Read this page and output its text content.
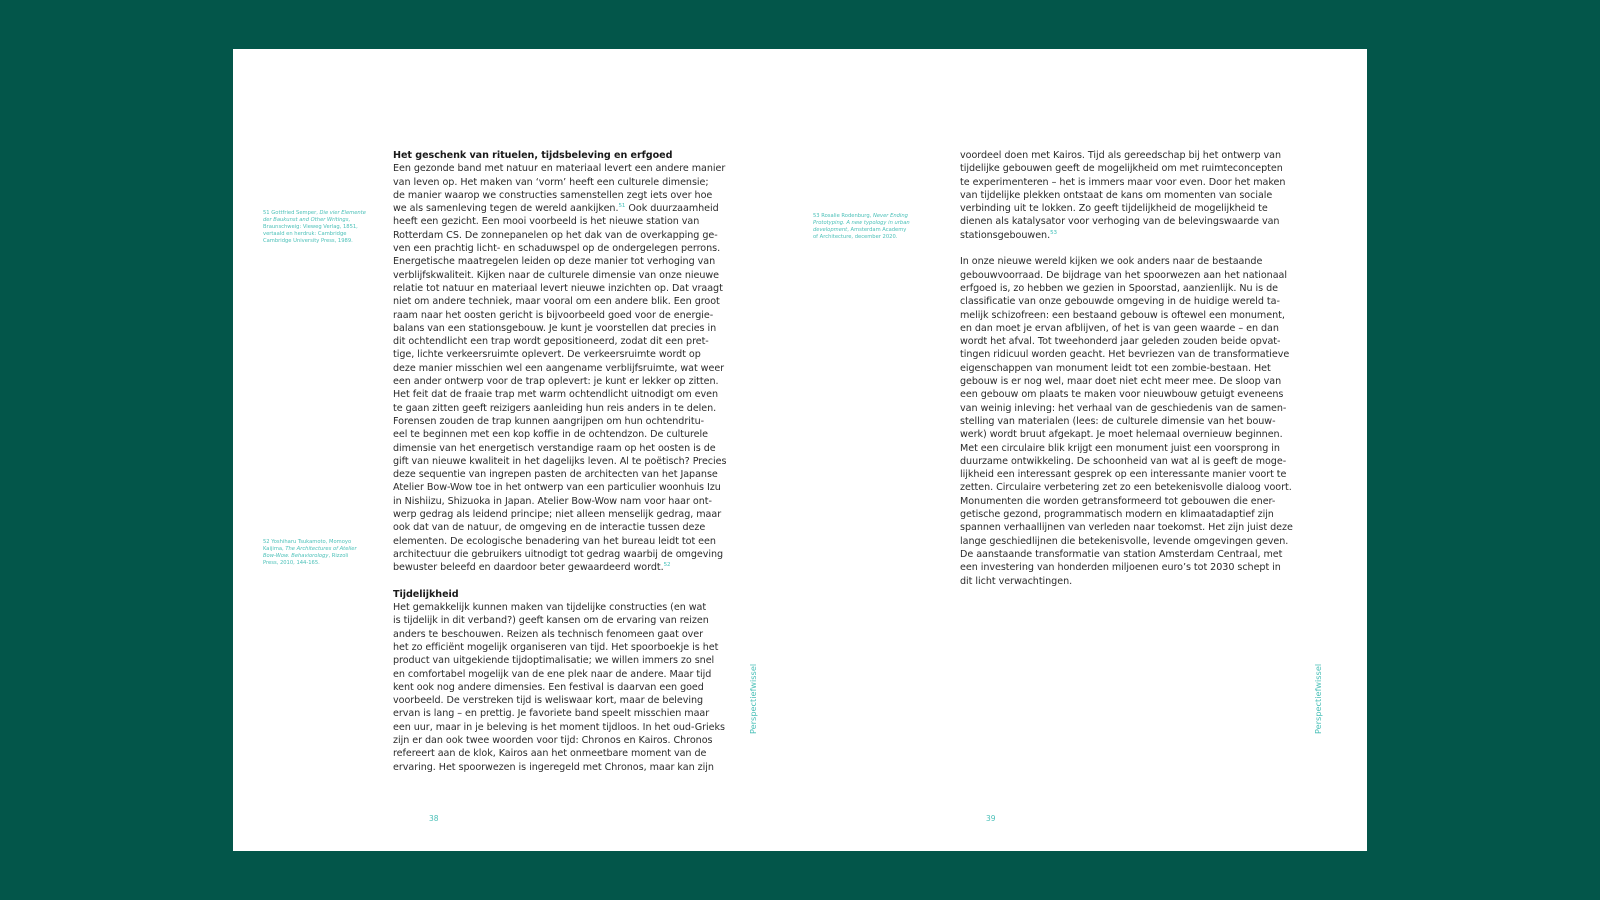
51 Gottfried Semper, Die vier Elemente
der Baukunst and Other Writings,
Braunschweig: Vieweg Verlag, 1851,
vertaald en herdruk: Cambridge
Cambridge University Press, 1989.

52 Yoshiharu Tsukamoto, Momoyo
Kaijima, The Architectures of Atelier
Bow-Wow. Behaviorology, Rizzoli
Press, 2010, 144-165.

Het geschenk van rituelen, tijdsbeleving en erfgoed

Een gezonde band met natuur en materiaal levert een andere manier
van leven op. Het maken van ‘vorm’ heeft een culturele dimensie;
de manier waarop we constructies samenstellen zegt iets over hoe
we als samenleving tegen de wereld aankijken.$^{51}$ Ook duurzaamheid
heeft een gezicht. Een mooi voorbeeld is het nieuwe station van
Rotterdam CS. De zonnepanelen op het dak van de overkapping ge-
ven een prachtig licht- en schaduwspel op de ondergelegen perrons.
Energetische maatregelen leiden op deze manier tot verhoging van
verblijfskwaliteit. Kijken naar de culturele dimensie van onze nieuwe
relatie tot natuur en materiaal levert nieuwe inzichten op. Dat vraagt
niet om andere techniek, maar vooral om een andere blik. Een groot
raam naar het oosten gericht is bijvoorbeeld goed voor de energie-
balans van een stationsgebouw. Je kunt je voorstellen dat precies in
dit ochtendlicht een trap wordt gepositioneerd, zodat dit een pret-
tige, lichte verkeersruimte oplevert. De verkeersruimte wordt op
deze manier misschien wel een aangename verblijfsruimte, wat weer
een ander ontwerp voor de trap oplevert: je kunt er lekker op zitten.
Het feit dat de fraaie trap met warm ochtendlicht uitnodigt om even
te gaan zitten geeft reizigers aanleiding hun reis anders in te delen.
Forensen zouden de trap kunnen aangrijpen om hun ochtendritu-
eel te beginnen met een kop koffie in de ochtendzon. De culturele
dimensie van het energetisch verstandige raam op het oosten is de
gift van nieuwe kwaliteit in het dagelijks leven. Al te poëtisch? Precies
deze sequentie van ingrepen pasten de architecten van het Japanse
Atelier Bow-Wow toe in het ontwerp van een particulier woonhuis Izu
in Nishiizu, Shizuoka in Japan. Atelier Bow-Wow nam voor haar ont-
werp gedrag als leidend principe; niet alleen menselijk gedrag, maar
ook dat van de natuur, de omgeving en de interactie tussen deze
elementen. De ecologische benadering van het bureau leidt tot een
architectuur die gebruikers uitnodigt tot gedrag waarbij de omgeving
bewuster beleefd en daardoor beter gewaardeerd wordt.$^{52}$

Tijdelijkheid

Het gemakkelijk kunnen maken van tijdelijke constructies (en wat
is tijdelijk in dit verband?) geeft kansen om de ervaring van reizen
anders te beschouwen. Reizen als technisch fenomeen gaat over
het zo efficiënt mogelijk organiseren van tijd. Het spoorboekje is het
product van uitgekiende tijdoptimalisatie; we willen immers zo snel
en comfortabel mogelijk van de ene plek naar de andere. Maar tijd
kent ook nog andere dimensies. Een festival is daarvan een goed
voorbeeld. De verstreken tijd is weliswaar kort, maar de beleving
ervan is lang – en prettig. Je favoriete band speelt misschien maar
een uur, maar in je beleving is het moment tijdloos. In het oud-Grieks
zijn er dan ook twee woorden voor tijd: Chronos en Kairos. Chronos
refereert aan de klok, Kairos aan het onmeetbare moment van de
ervaring. Het spoorwezen is ingeregeld met Chronos, maar kan zijn

Perspectiefwissel
38

53 Rosalie Rodenburg, Never Ending
Prototyping. A new typology in urban
development, Amsterdam Academy
of Architecture, december 2020.

voordeel doen met Kairos. Tijd als gereedschap bij het ontwerp van
tijdelijke gebouwen geeft de mogelijkheid om met ruimteconcepten
te experimenteren – het is immers maar voor even. Door het maken
van tijdelijke plekken ontstaat de kans om momenten van sociale
verbinding uit te lokken. Zo geeft tijdelijkheid de mogelijkheid te
dienen als katalysator voor verhoging van de belevingswaarde van
stationsgebouwen.$^{53}$

In onze nieuwe wereld kijken we ook anders naar de bestaande
gebouwvoorraad. De bijdrage van het spoorwezen aan het nationaal
erfgoed is, zo hebben we gezien in Spoorstad, aanzienlijk. Nu is de
classificatie van onze gebouwde omgeving in de huidige wereld ta-
melijk schizofreen: een bestaand gebouw is oftewel een monument,
en dan moet je ervan afblijven, of het is van geen waarde – en dan
wordt het afval. Tot tweehonderd jaar geleden zouden beide opvat-
tingen ridicuul worden geacht. Het bevriezen van de transformatieve
eigenschappen van monument leidt tot een zombie-bestaan. Het
gebouw is er nog wel, maar doet niet echt meer mee. De sloop van
een gebouw om plaats te maken voor nieuwbouw getuigt eveneens
van weinig inleving: het verhaal van de geschiedenis van de samen-
stelling van materialen (lees: de culturele dimensie van het bouw-
werk) wordt bruut afgekapt. Je moet helemaal overnieuw beginnen.
Met een circulaire blik krijgt een monument juist een voorsprong in
duurzame ontwikkeling. De schoonheid van wat al is geeft de moge-
lijkheid een interessant gesprek op een interessante manier voort te
zetten. Circulaire verbetering zet zo een betekenisvolle dialoog voort.
Monumenten die worden getransformeerd tot gebouwen die ener-
getische gezond, programmatisch modern en klimaatadaptief zijn
spannen verhaallijnen van verleden naar toekomst. Het zijn juist deze
lange geschiedlijnen die betekenisvolle, levende omgevingen geven.
De aanstaande transformatie van station Amsterdam Centraal, met
een investering van honderden miljoenen euro’s tot 2030 schept in
dit licht verwachtingen.

Perspectiefwissel
39
